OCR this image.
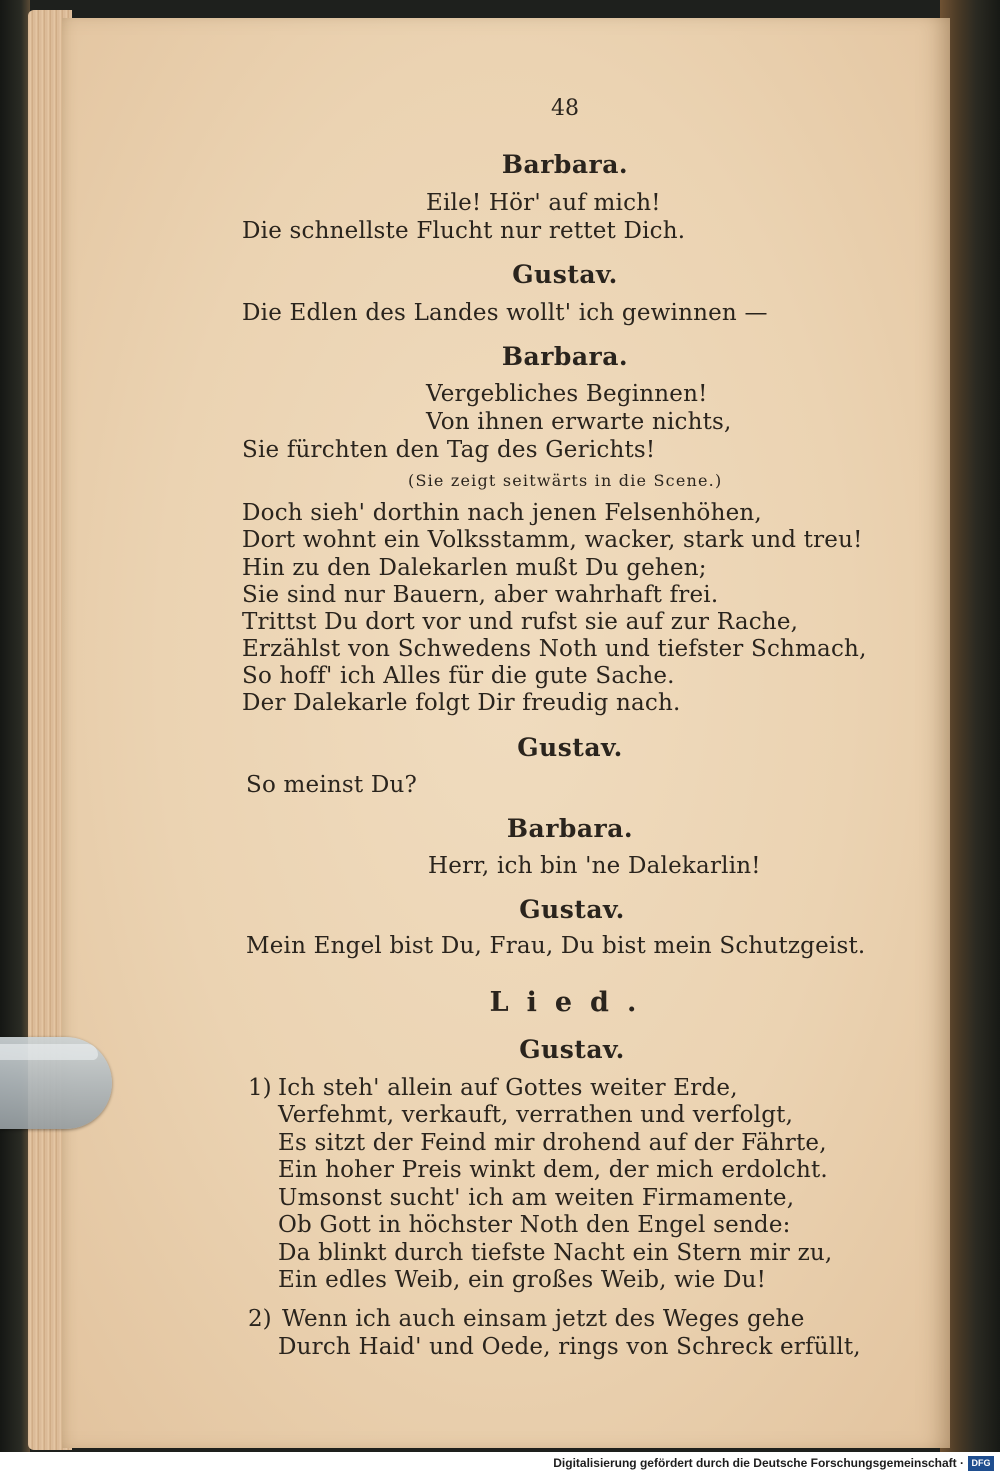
48
Barbara.
Eile! Hör' auf mich!
Die schnellste Flucht nur rettet Dich.
Gustav.
Die Edlen des Landes wollt' ich gewinnen —
Barbara.
Vergebliches Beginnen!
Von ihnen erwarte nichts,
Sie fürchten den Tag des Gerichts!
(Sie zeigt seitwärts in die Scene.)
Doch sieh' dorthin nach jenen Felsenhöhen,
Dort wohnt ein Volksstamm, wacker, stark und treu!
Hin zu den Dalekarlen mußt Du gehen;
Sie sind nur Bauern, aber wahrhaft frei.
Trittst Du dort vor und rufst sie auf zur Rache,
Erzählst von Schwedens Noth und tiefster Schmach,
So hoff' ich Alles für die gute Sache.
Der Dalekarle folgt Dir freudig nach.
Gustav.
So meinst Du?
Barbara.
Herr, ich bin 'ne Dalekarlin!
Gustav.
Mein Engel bist Du, Frau, Du bist mein Schutzgeist.
Lied.
Gustav.
1) Ich steh' allein auf Gottes weiter Erde,
Verfehmt, verkauft, verrathen und verfolgt,
Es sitzt der Feind mir drohend auf der Fährte,
Ein hoher Preis winkt dem, der mich erdolcht.
Umsonst sucht' ich am weiten Firmamente,
Ob Gott in höchster Noth den Engel sende:
Da blinkt durch tiefste Nacht ein Stern mir zu,
Ein edles Weib, ein großes Weib, wie Du!
2) Wenn ich auch einsam jetzt des Weges gehe
Durch Haid' und Oede, rings von Schreck erfüllt,
Digitalisierung gefördert durch die Deutsche Forschungsgemeinschaft · DFG
